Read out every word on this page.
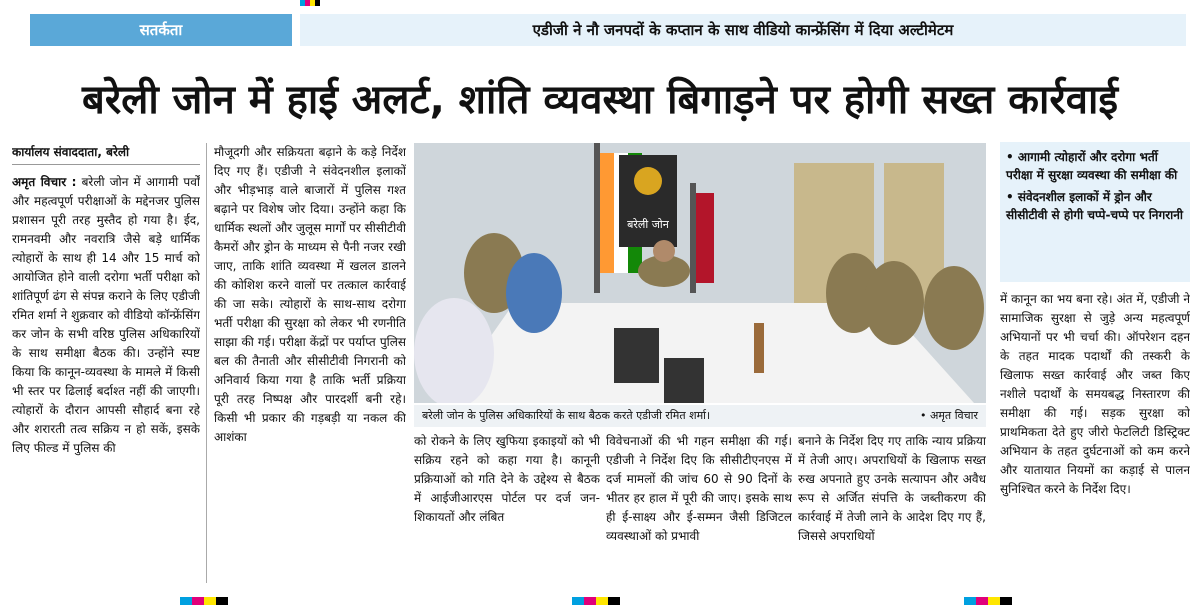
सतर्कता	एडीजी ने नौ जनपदों के कप्तान के साथ वीडियो कान्फ्रेंसिंग में दिया अल्टीमेटम
बरेली जोन में हाई अलर्ट, शांति व्यवस्था बिगाड़ने पर होगी सख्त कार्रवाई
कार्यालय संवाददाता, बरेली

अमृत विचार : बरेली जोन में आगामी पर्वों और महत्वपूर्ण परीक्षाओं के मद्देनजर पुलिस प्रशासन पूरी तरह मुस्तैद हो गया है। ईद, रामनवमी और नवरात्रि जैसे बड़े धार्मिक त्योहारों के साथ ही 14 और 15 मार्च को आयोजित होने वाली दरोगा भर्ती परीक्षा को शांतिपूर्ण ढंग से संपन्न कराने के लिए एडीजी रमित शर्मा ने शुक्रवार को वीडियो कॉन्फ्रेंसिंग कर जोन के सभी वरिष्ठ पुलिस अधिकारियों के साथ समीक्षा बैठक की। उन्होंने स्पष्ट किया कि कानून-व्यवस्था के मामले में किसी भी स्तर पर ढिलाई बर्दाश्त नहीं की जाएगी। त्योहारों के दौरान आपसी सौहार्द बना रहे और शरारती तत्व सक्रिय न हो सकें, इसके लिए फील्ड में पुलिस की

मौजूदगी और सक्रियता बढ़ाने के कड़े निर्देश दिए गए हैं। एडीजी ने संवेदनशील इलाकों और भीड़भाड़ वाले बाजारों में पुलिस गश्त बढ़ाने पर विशेष जोर दिया। उन्होंने कहा कि धार्मिक स्थलों और जुलूस मार्गों पर सीसीटीवी कैमरों और ड्रोन के माध्यम से पैनी नजर रखी जाए, ताकि शांति व्यवस्था में खलल डालने की कोशिश करने वालों पर तत्काल कार्रवाई की जा सके। त्योहारों के साथ-साथ दरोगा भर्ती परीक्षा की सुरक्षा को लेकर भी रणनीति साझा की गई। परीक्षा केंद्रों पर पर्याप्त पुलिस बल की तैनाती और सीसीटीवी निगरानी को अनिवार्य किया गया है ताकि भर्ती प्रक्रिया पूरी तरह निष्पक्ष और पारदर्शी बनी रहे। किसी भी प्रकार की गड़बड़ी या नकल की आशंका

बरेली जोन
बरेली जोन के पुलिस अधिकारियों के साथ बैठक करते एडीजी रमित शर्मा।	• अमृत विचार

को रोकने के लिए खुफिया इकाइयों को भी सक्रिय रहने को कहा गया है। कानूनी प्रक्रियाओं को गति देने के उद्देश्य से बैठक में आईजीआरएस पोर्टल पर दर्ज जन-शिकायतों और लंबित

विवेचनाओं की भी गहन समीक्षा की गई। एडीजी ने निर्देश दिए कि सीसीटीएनएस में दर्ज मामलों की जांच 60 से 90 दिनों के भीतर हर हाल में पूरी की जाए। इसके साथ ही ई-साक्ष्य और ई-सम्मन जैसी डिजिटल व्यवस्थाओं को प्रभावी

बनाने के निर्देश दिए गए ताकि न्याय प्रक्रिया में तेजी आए। अपराधियों के खिलाफ सख्त रुख अपनाते हुए उनके सत्यापन और अवैध रूप से अर्जित संपत्ति के जब्तीकरण की कार्रवाई में तेजी लाने के आदेश दिए गए हैं, जिससे अपराधियों

• आगामी त्योहारों और दरोगा भर्ती परीक्षा में सुरक्षा व्यवस्था की समीक्षा की
• संवेदनशील इलाकों में ड्रोन और सीसीटीवी से होगी चप्पे-चप्पे पर निगरानी

में कानून का भय बना रहे। अंत में, एडीजी ने सामाजिक सुरक्षा से जुड़े अन्य महत्वपूर्ण अभियानों पर भी चर्चा की। ऑपरेशन दहन के तहत मादक पदार्थों की तस्करी के खिलाफ सख्त कार्रवाई और जब्त किए नशीले पदार्थों के समयबद्ध निस्तारण की समीक्षा की गई। सड़क सुरक्षा को प्राथमिकता देते हुए जीरो फेटलिटी डिस्ट्रिक्ट अभियान के तहत दुर्घटनाओं को कम करने और यातायात नियमों का कड़ाई से पालन सुनिश्चित करने के निर्देश दिए।
